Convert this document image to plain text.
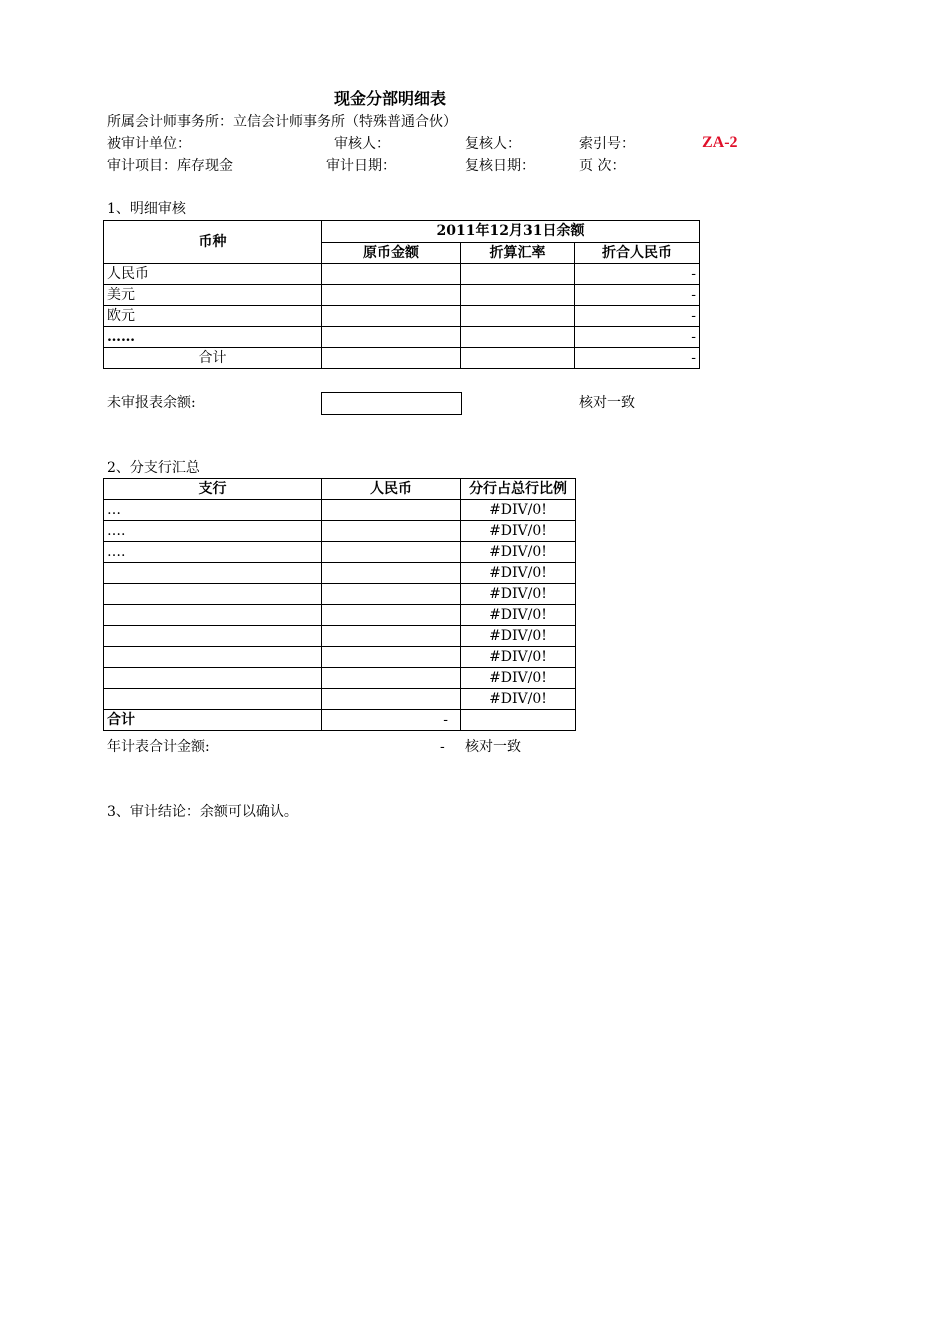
现金分部明细表
所属会计师事务所：立信会计师事务所（特殊普通合伙）
被审计单位：	审核人：	复核人：	索引号：	ZA-2
审计项目：库存现金	审计日期：	复核日期：	页 次：
1、明细审核
币种	2011年12月31日余额		
	原币金额	折算汇率	折合人民币
人民币			-
美元			-
欧元			-
……			-
合计			-
未审报表余额:	核对一致
2、分支行汇总
支行	人民币	分行占总行比例
…		#DIV/0!
….		#DIV/0!
….		#DIV/0!
		#DIV/0!
		#DIV/0!
		#DIV/0!
		#DIV/0!
		#DIV/0!
		#DIV/0!
		#DIV/0!
合计	-	
年计表合计金额:	- 核对一致
3、审计结论：余额可以确认。
